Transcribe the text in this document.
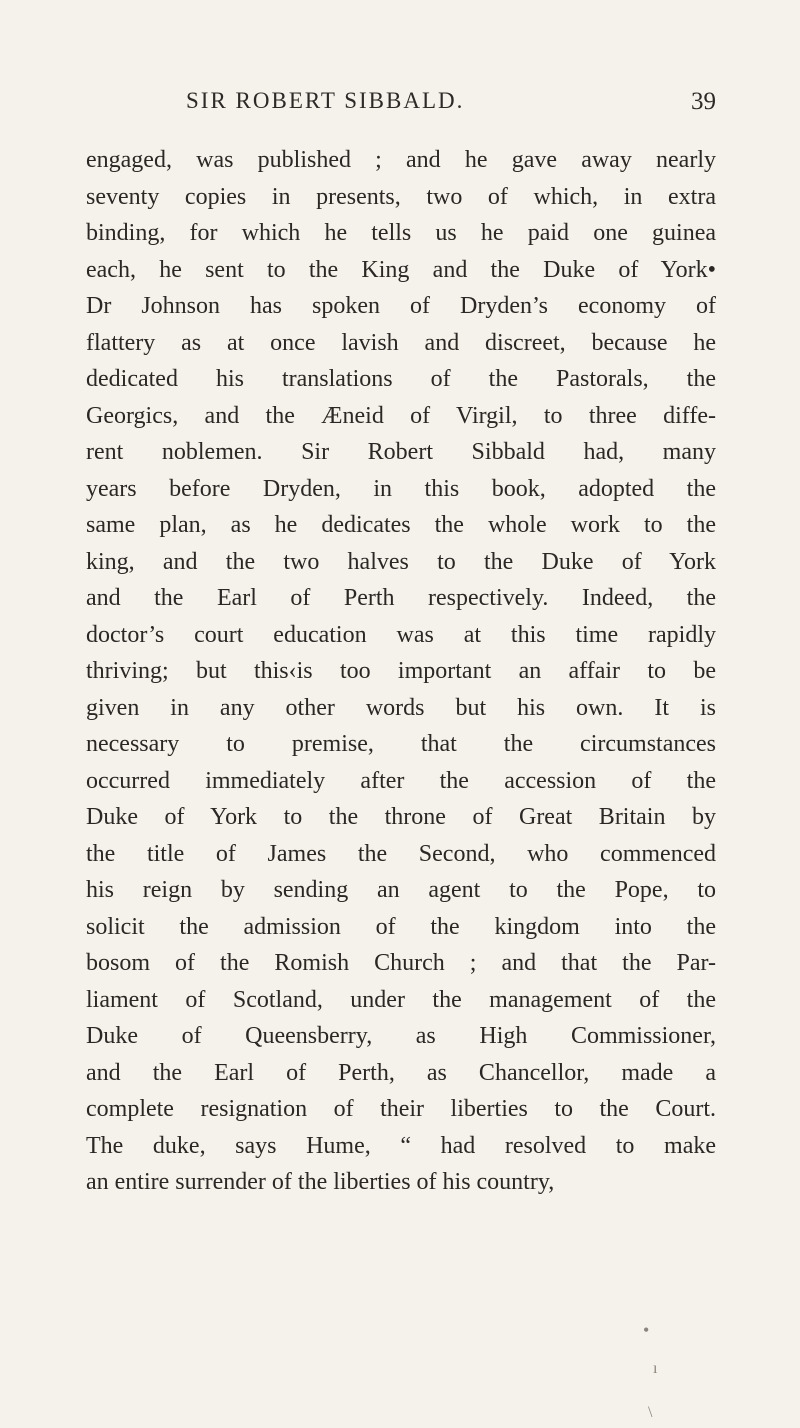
SIR ROBERT SIBBALD.	39
engaged, was published ; and he gave away nearly
seventy copies in presents, two of which, in extra
binding, for which he tells us he paid one guinea
each, he sent to the King and the Duke of York•
Dr Johnson has spoken of Dryden’s economy of
flattery as at once lavish and discreet, because he
dedicated his translations of the Pastorals, the
Georgics, and the Æneid of Virgil, to three diffe-
rent noblemen. Sir Robert Sibbald had, many
years before Dryden, in this book, adopted the
same plan, as he dedicates the whole work to the
king, and the two halves to the Duke of York
and the Earl of Perth respectively. Indeed, the
doctor’s court education was at this time rapidly
thriving; but this‹is too important an affair to be
given in any other words but his own. It is
necessary to premise, that the circumstances
occurred immediately after the accession of the
Duke of York to the throne of Great Britain by
the title of James the Second, who commenced
his reign by sending an agent to the Pope, to
solicit the admission of the kingdom into the
bosom of the Romish Church ; and that the Par-
liament of Scotland, under the management of the
Duke of Queensberry, as High Commissioner,
and the Earl of Perth, as Chancellor, made a
complete resignation of their liberties to the Court.
The duke, says Hume, “ had resolved to make
an entire surrender of the liberties of his country,
•
ı
\
